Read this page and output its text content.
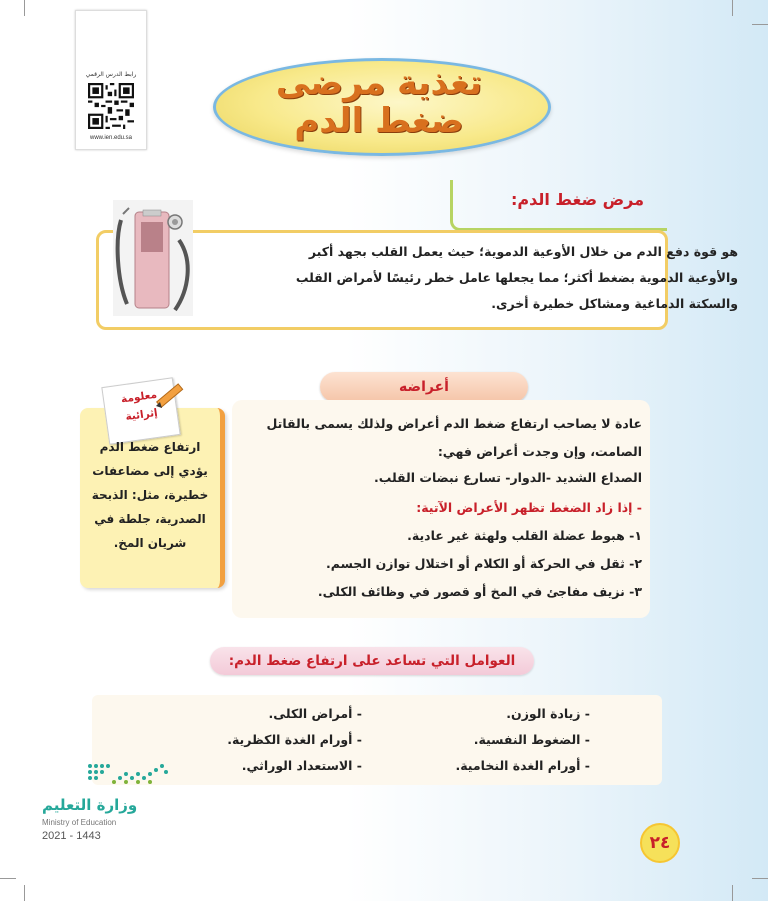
رابط الدرس الرقمي
www.ien.edu.sa
تغذية مرضى
ضغط الدم
مرض ضغط الدم:
هو قوة دفع الدم من خلال الأوعية الدموية؛ حيث يعمل القلب بجهد أكبر
والأوعية الدموية بضغط أكثر؛ مما يجعلها عامل خطر رئيسًا لأمراض القلب
والسكتة الدماغية ومشاكل خطيرة أخرى.
أعراضه
عادة لا يصاحب ارتفاع ضغط الدم أعراض ولذلك يسمى بالقاتل
الصامت، وإن وجدت أعراض فهي:
الصداع الشديد -الدوار- تسارع نبضات القلب.
- إذا زاد الضغط تظهر الأعراض الآتية:
١- هبوط عضلة القلب ولهثة غير عادية.
٢- ثقل في الحركة أو الكلام أو اختلال توازن الجسم.
٣- نزيف مفاجئ في المخ أو قصور في وظائف الكلى.
معلومة
إثرائية
ارتفاع ضغط الدم
يؤدي إلى مضاعفات
خطيرة، مثل: الذبحة
الصدرية، جلطة في
شريان المخ.
العوامل التي تساعد على ارتفاع ضغط الدم:
- زيادة الوزن.
- الضغوط النفسية.
- أورام الغدة النخامية.
- أمراض الكلى.
- أورام الغدة الكظرية.
- الاستعداد الوراثي.
وزارة التعليم
Ministry of Education
2021 - 1443	٢٤
